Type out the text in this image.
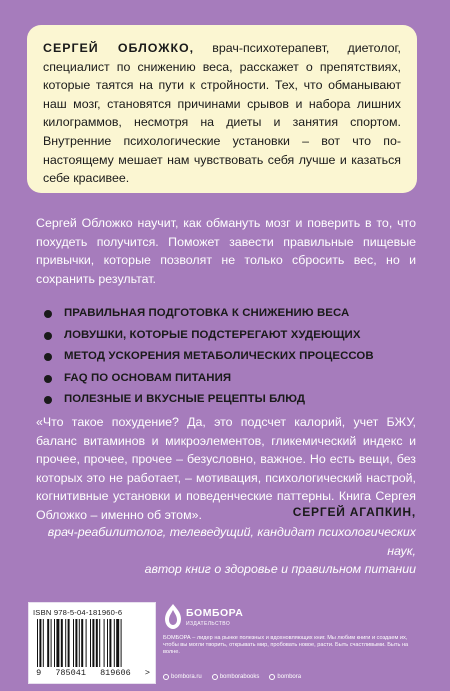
СЕРГЕЙ ОБЛОЖКО, врач-психотерапевт, диетолог, специалист по снижению веса, расскажет о препятствиях, которые таятся на пути к стройности. Тех, что обманывают наш мозг, становятся причинами срывов и набора лишних килограммов, несмотря на диеты и занятия спортом. Внутренние психологические установки – вот что по-настоящему мешает нам чувствовать себя лучше и казаться себе красивее.
Сергей Обложко научит, как обмануть мозг и поверить в то, что похудеть получится. Поможет завести правильные пищевые привычки, которые позволят не только сбросить вес, но и сохранить результат.
ПРАВИЛЬНАЯ ПОДГОТОВКА К СНИЖЕНИЮ ВЕСА
ЛОВУШКИ, КОТОРЫЕ ПОДСТЕРЕГАЮТ ХУДЕЮЩИХ
МЕТОД УСКОРЕНИЯ МЕТАБОЛИЧЕСКИХ ПРОЦЕССОВ
FAQ ПО ОСНОВАМ ПИТАНИЯ
ПОЛЕЗНЫЕ И ВКУСНЫЕ РЕЦЕПТЫ БЛЮД
«Что такое похудение? Да, это подсчет калорий, учет БЖУ, баланс витаминов и микроэлементов, гликемический индекс и прочее, прочее, прочее – безусловно, важное. Но есть вещи, без которых это не работает, – мотивация, психологический настрой, когнитивные установки и поведенческие паттерны. Книга Сергея Обложко – именно об этом».	СЕРГЕЙ АГАПКИН,
врач-реабилитолог, телеведущий, кандидат психологических наук,
автор книг о здоровье и правильном питании
ISBN 978-5-04-181960-6
9 785041 819606 >
БОМБОРА
ИЗДАТЕЛЬСТВО
БОМБОРА – лидер на рынке полезных и вдохновляющих книг. Мы любим книги и создаем их, чтобы вы могли творить, открывать мир, пробовать новое, расти. Быть счастливыми. Быть на волне.
bombora.ru	bomborabooks	bombora
